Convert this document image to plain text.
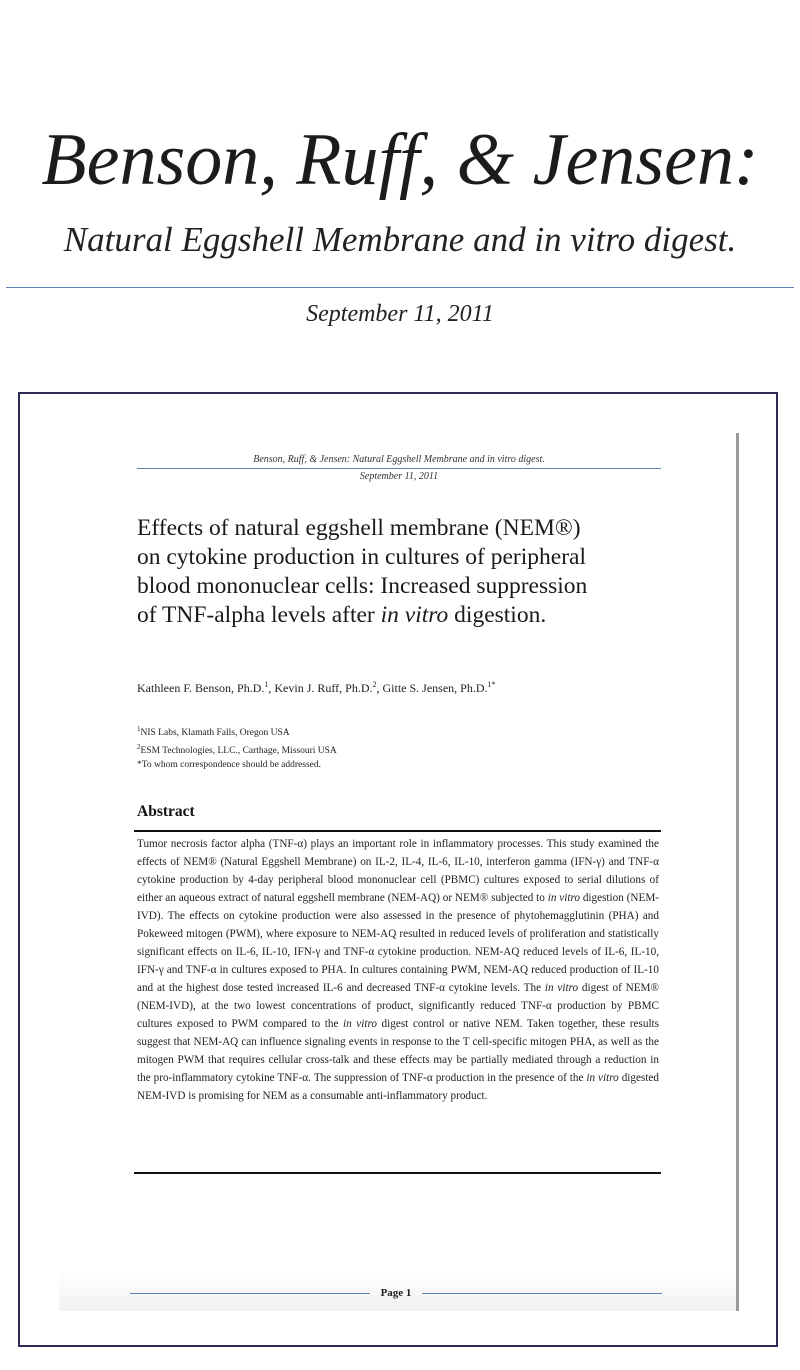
Benson, Ruff, & Jensen:
Natural Eggshell Membrane and in vitro digest.
September 11, 2011
Benson, Ruff, & Jensen: Natural Eggshell Membrane and in vitro digest.
September 11, 2011
Effects of natural eggshell membrane (NEM®)
on cytokine production in cultures of peripheral
blood mononuclear cells: Increased suppression
of TNF-alpha levels after in vitro digestion.
Kathleen F. Benson, Ph.D.$^1$, Kevin J. Ruff, Ph.D.$^2$, Gitte S. Jensen, Ph.D.$^{1*}$
$^1$NIS Labs, Klamath Falls, Oregon USA
$^2$ESM Technologies, LLC., Carthage, Missouri USA
*To whom correspondence should be addressed.
Abstract
Tumor necrosis factor alpha (TNF-α) plays an important role in inflammatory processes. This study examined the effects of NEM® (Natural Eggshell Membrane) on IL-2, IL-4, IL-6, IL-10, interferon gamma (IFN-γ) and TNF-α cytokine production by 4-day peripheral blood mononuclear cell (PBMC) cultures exposed to serial dilutions of either an aqueous extract of natural eggshell membrane (NEM-AQ) or NEM® subjected to in vitro digestion (NEM-IVD). The effects on cytokine production were also assessed in the presence of phytohemagglutinin (PHA) and Pokeweed mitogen (PWM), where exposure to NEM-AQ resulted in reduced levels of proliferation and statistically significant effects on IL-6, IL-10, IFN-γ and TNF-α cytokine production. NEM-AQ reduced levels of IL-6, IL-10, IFN-γ and TNF-α in cultures exposed to PHA. In cultures containing PWM, NEM-AQ reduced production of IL-10 and at the highest dose tested increased IL-6 and decreased TNF-α cytokine levels. The in vitro digest of NEM® (NEM-IVD), at the two lowest concentrations of product, significantly reduced TNF-α production by PBMC cultures exposed to PWM compared to the in vitro digest control or native NEM. Taken together, these results suggest that NEM-AQ can influence signaling events in response to the T cell-specific mitogen PHA, as well as the mitogen PWM that requires cellular cross-talk and these effects may be partially mediated through a reduction in the pro-inflammatory cytokine TNF-α. The suppression of TNF-α production in the presence of the in vitro digested NEM-IVD is promising for NEM as a consumable anti-inflammatory product.
Page 1
